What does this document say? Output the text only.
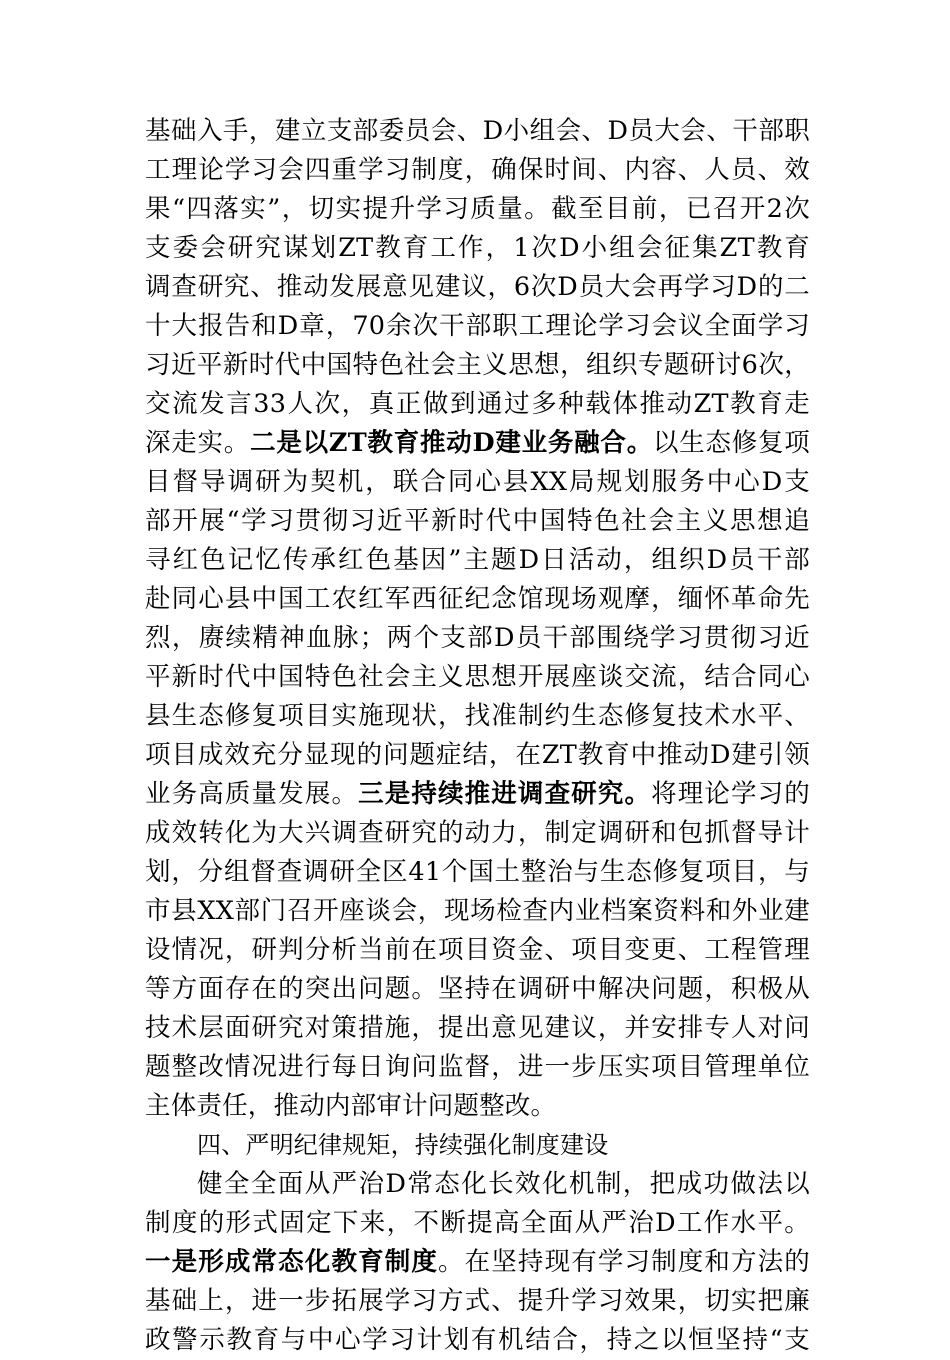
基础入手，建立支部委员会、D小组会、D员大会、干部职
工理论学习会四重学习制度，确保时间、内容、人员、效
果“四落实”，切实提升学习质量。截至目前，已召开2次
支委会研究谋划ZT教育工作，1次D小组会征集ZT教育
调查研究、推动发展意见建议，6次D员大会再学习D的二
十大报告和D章，70余次干部职工理论学习会议全面学习
习近平新时代中国特色社会主义思想，组织专题研讨6次，
交流发言33人次，真正做到通过多种载体推动ZT教育走
深走实。二是以ZT教育推动D建业务融合。以生态修复项
目督导调研为契机，联合同心县XX局规划服务中心D支
部开展“学习贯彻习近平新时代中国特色社会主义思想追
寻红色记忆传承红色基因”主题D日活动，组织D员干部
赴同心县中国工农红军西征纪念馆现场观摩，缅怀革命先
烈，赓续精神血脉；两个支部D员干部围绕学习贯彻习近
平新时代中国特色社会主义思想开展座谈交流，结合同心
县生态修复项目实施现状，找准制约生态修复技术水平、
项目成效充分显现的问题症结，在ZT教育中推动D建引领
业务高质量发展。三是持续推进调查研究。将理论学习的
成效转化为大兴调查研究的动力，制定调研和包抓督导计
划，分组督查调研全区41个国土整治与生态修复项目，与
市县XX部门召开座谈会，现场检查内业档案资料和外业建
设情况，研判分析当前在项目资金、项目变更、工程管理
等方面存在的突出问题。坚持在调研中解决问题，积极从
技术层面研究对策措施，提出意见建议，并安排专人对问
题整改情况进行每日询问监督，进一步压实项目管理单位
主体责任，推动内部审计问题整改。
四、严明纪律规矩，持续强化制度建设
健全全面从严治D常态化长效化机制，把成功做法以
制度的形式固定下来，不断提高全面从严治D工作水平。
一是形成常态化教育制度。在坚持现有学习制度和方法的
基础上，进一步拓展学习方式、提升学习效果，切实把廉
政警示教育与中心学习计划有机结合，持之以恒坚持“支
